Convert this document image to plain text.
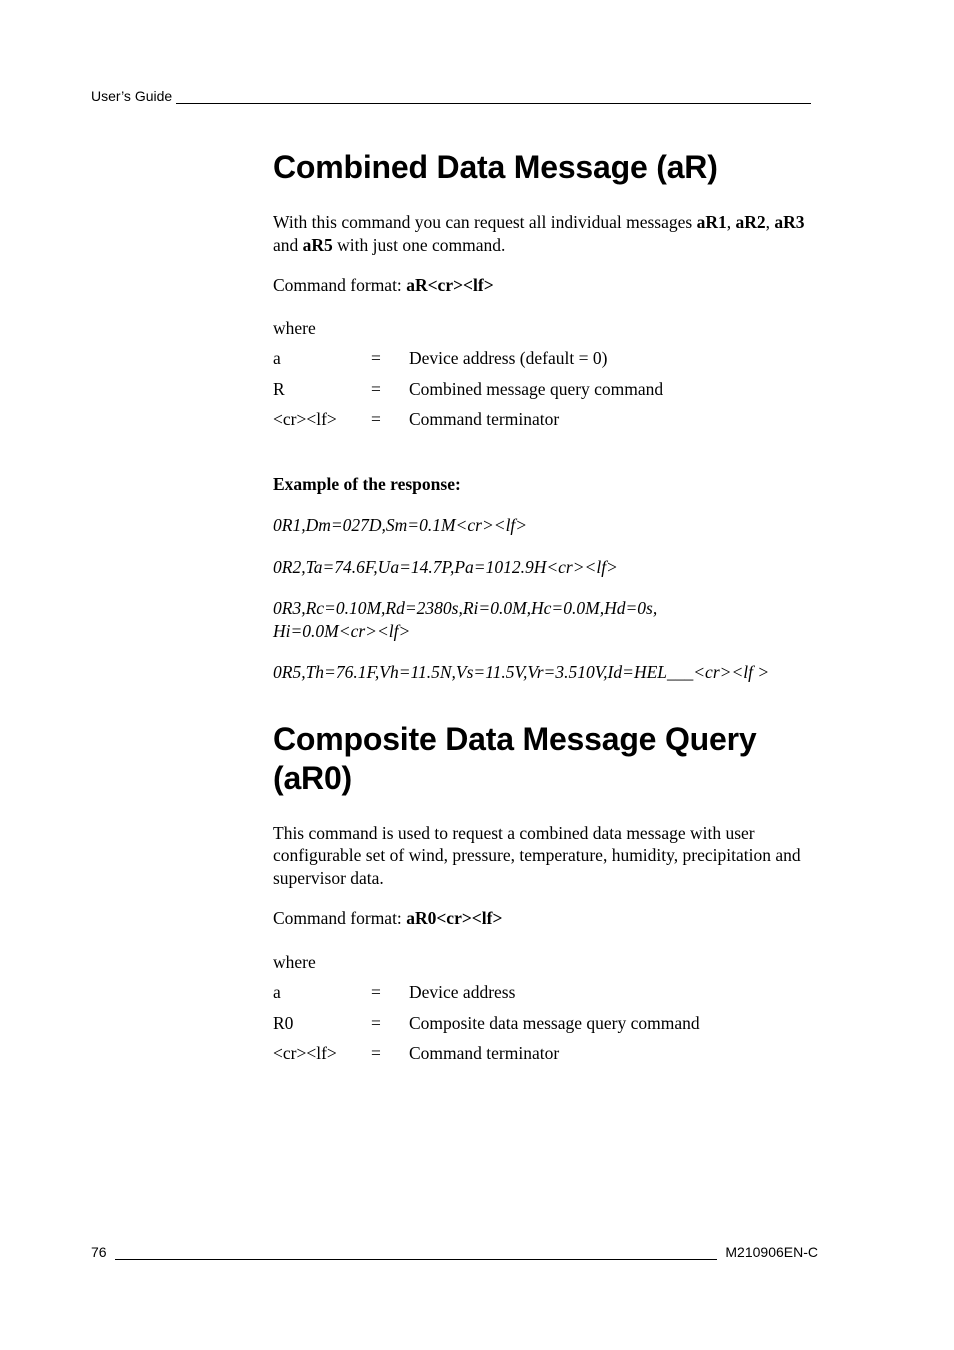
User’s Guide
Combined Data Message (aR)

With this command you can request all individual messages aR1, aR2, aR3 and aR5 with just one command.

Command format: aR<cr><lf>

where

a	=	Device address (default = 0)
R	=	Combined message query command
<cr><lf>	=	Command terminator

Example of the response:

0R1,Dm=027D,Sm=0.1M<cr><lf>

0R2,Ta=74.6F,Ua=14.7P,Pa=1012.9H<cr><lf>

0R3,Rc=0.10M,Rd=2380s,Ri=0.0M,Hc=0.0M,Hd=0s, Hi=0.0M<cr><lf>

0R5,Th=76.1F,Vh=11.5N,Vs=11.5V,Vr=3.510V,Id=HEL___<cr><lf >

Composite Data Message Query (aR0)

This command is used to request a combined data message with user configurable set of wind, pressure, temperature, humidity, precipitation and supervisor data.

Command format: aR0<cr><lf>

where

a	=	Device address
R0	=	Composite data message query command
<cr><lf>	=	Command terminator
76	M210906EN-C
